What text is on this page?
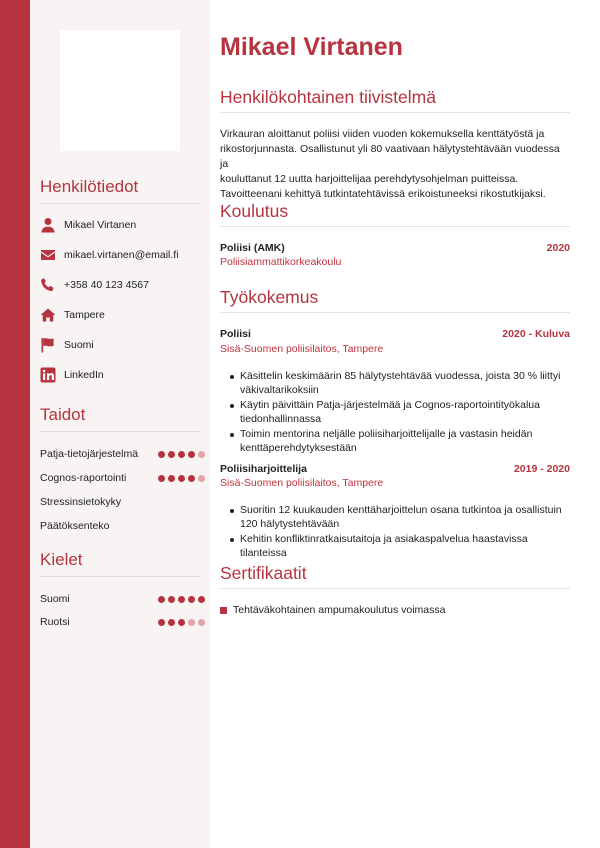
Henkilötiedot
Mikael Virtanen
mikael.virtanen@email.fi
+358 40 123 4567
Tampere
Suomi
LinkedIn
Taidot
Patja-tietojärjestelmä
Cognos-raportointi
Stressinsietokyky
Päätöksenteko
Kielet
Suomi
Ruotsi
Mikael Virtanen
Henkilökohtainen tiivistelmä
Virkauran aloittanut poliisi viiden vuoden kokemuksella kenttätyöstä ja
rikostorjunnasta. Osallistunut yli 80 vaativaan hälytystehtävään vuodessa ja
kouluttanut 12 uutta harjoittelijaa perehdytysohjelman puitteissa.
Tavoitteenani kehittyä tutkintatehtävissä erikoistuneeksi rikostutkijaksi.
Koulutus
Poliisi (AMK)	2020
Poliisiammattikorkeakoulu
Työkokemus
Poliisi	2020 - Kuluva
Sisä-Suomen poliisilaitos, Tampere
Käsittelin keskimäärin 85 hälytystehtävää vuodessa, joista 30 % liittyi väkivaltarikoksiin
Käytin päivittäin Patja-järjestelmää ja Cognos-raportointityökalua tiedonhallinnassa
Toimin mentorina neljälle poliisiharjoittelijalle ja vastasin heidän kenttäperehdytyksestään
Poliisiharjoittelija	2019 - 2020
Sisä-Suomen poliisilaitos, Tampere
Suoritin 12 kuukauden kenttäharjoittelun osana tutkintoa ja osallistuin 120 hälytystehtävään
Kehitin konfliktinratkaisutaitoja ja asiakaspalvelua haastavissa tilanteissa
Sertifikaatit
Tehtäväkohtainen ampumakoulutus voimassa
